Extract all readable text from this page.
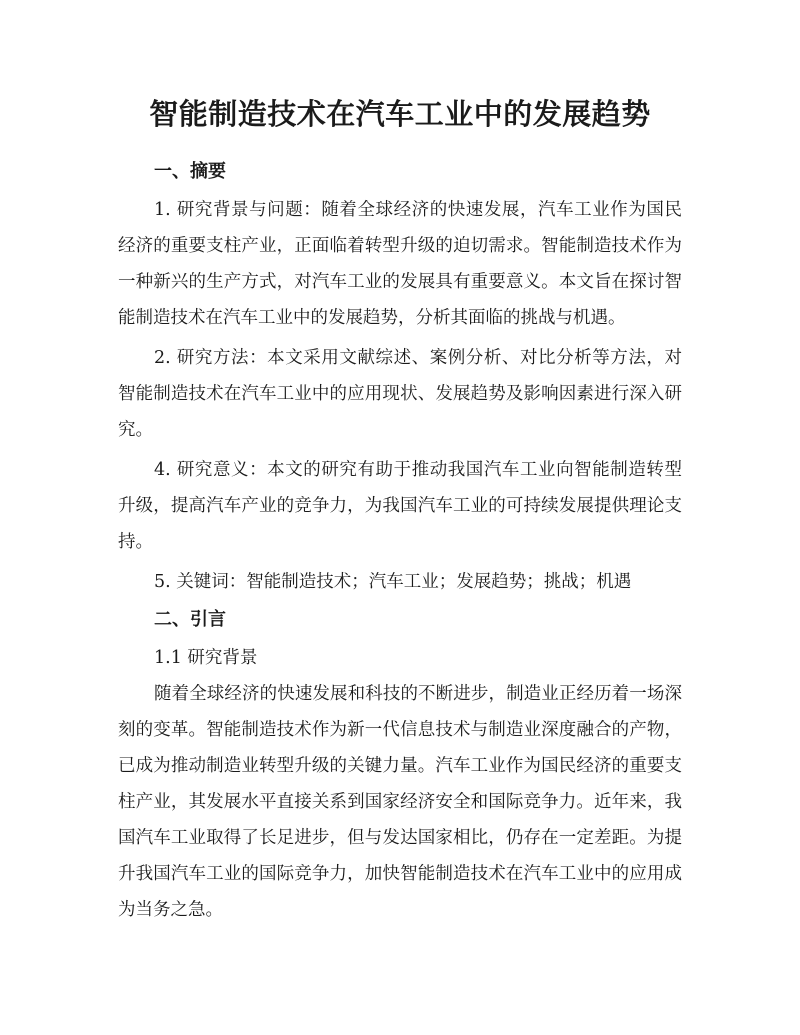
智能制造技术在汽车工业中的发展趋势
一、摘要

1. 研究背景与问题：随着全球经济的快速发展，汽车工业作为国民经济的重要支柱产业，正面临着转型升级的迫切需求。智能制造技术作为一种新兴的生产方式，对汽车工业的发展具有重要意义。本文旨在探讨智能制造技术在汽车工业中的发展趋势，分析其面临的挑战与机遇。

2. 研究方法：本文采用文献综述、案例分析、对比分析等方法，对智能制造技术在汽车工业中的应用现状、发展趋势及影响因素进行深入研究。

4. 研究意义：本文的研究有助于推动我国汽车工业向智能制造转型升级，提高汽车产业的竞争力，为我国汽车工业的可持续发展提供理论支持。

5. 关键词：智能制造技术；汽车工业；发展趋势；挑战；机遇

二、引言

1.1 研究背景

随着全球经济的快速发展和科技的不断进步，制造业正经历着一场深刻的变革。智能制造技术作为新一代信息技术与制造业深度融合的产物，已成为推动制造业转型升级的关键力量。汽车工业作为国民经济的重要支柱产业，其发展水平直接关系到国家经济安全和国际竞争力。近年来，我国汽车工业取得了长足进步，但与发达国家相比，仍存在一定差距。为提升我国汽车工业的国际竞争力，加快智能制造技术在汽车工业中的应用成为当务之急。
